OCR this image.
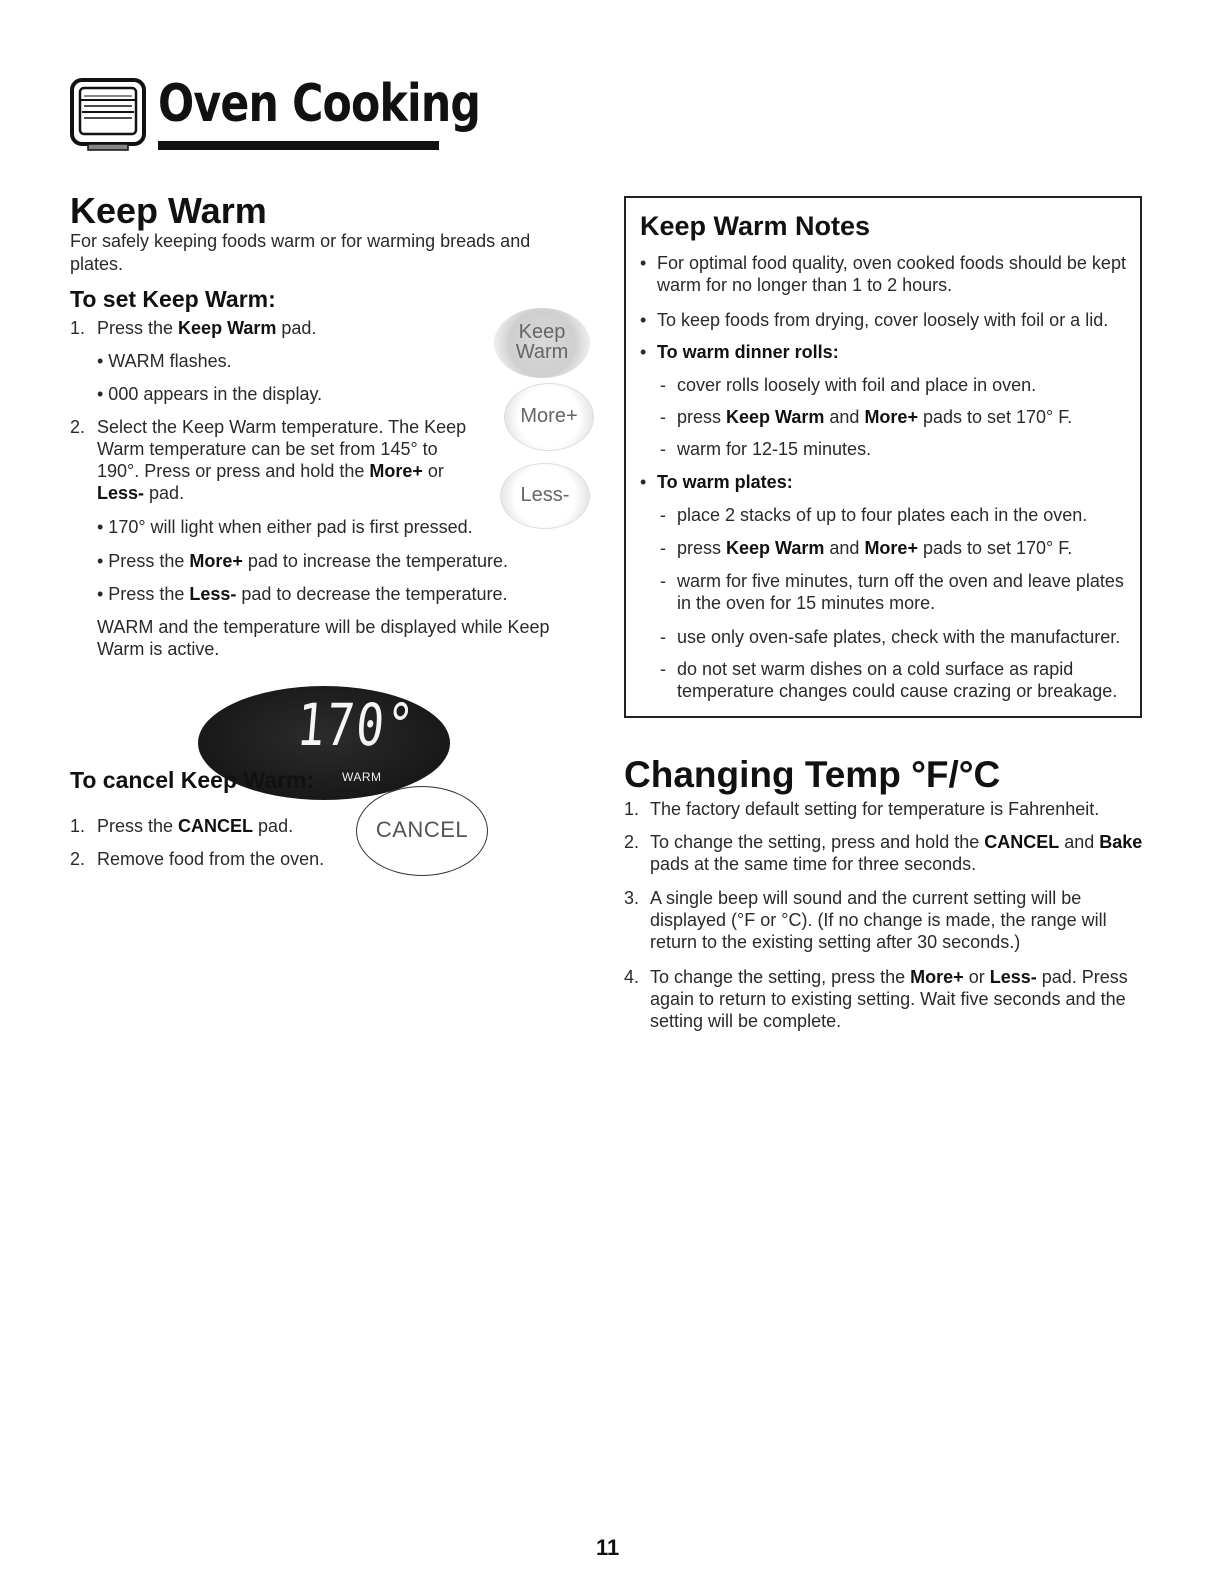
Oven Cooking
Keep Warm
For safely keeping foods warm or for warming breads and
plates.
To set Keep Warm:
1. Press the Keep Warm pad.
• WARM flashes.
• 000 appears in the display.
2. Select the Keep Warm temperature. The Keep
Warm temperature can be set from 145° to
190°. Press or press and hold the More+ or
Less- pad.
• 170° will light when either pad is first pressed.
• Press the More+ pad to increase the temperature.
• Press the Less- pad to decrease the temperature.
WARM and the temperature will be displayed while Keep
Warm is active.
Keep
Warm
More+
Less-
170°
WARM
To cancel Keep Warm:
1. Press the CANCEL pad.
2. Remove food from the oven.
CANCEL
Keep Warm Notes
• For optimal food quality, oven cooked foods should be kept
warm for no longer than 1 to 2 hours.
• To keep foods from drying, cover loosely with foil or a lid.
• To warm dinner rolls:
- cover rolls loosely with foil and place in oven.
- press Keep Warm and More+ pads to set 170° F.
- warm for 12-15 minutes.
• To warm plates:
- place 2 stacks of up to four plates each in the oven.
- press Keep Warm and More+ pads to set 170° F.
- warm for five minutes, turn off the oven and leave plates
in the oven for 15 minutes more.
- use only oven-safe plates, check with the manufacturer.
- do not set warm dishes on a cold surface as rapid
temperature changes could cause crazing or breakage.
Changing Temp °F/°C
1. The factory default setting for temperature is Fahrenheit.
2. To change the setting, press and hold the CANCEL and Bake
pads at the same time for three seconds.
3. A single beep will sound and the current setting will be
displayed (°F or °C). (If no change is made, the range will
return to the existing setting after 30 seconds.)
4. To change the setting, press the More+ or Less- pad. Press
again to return to existing setting. Wait five seconds and the
setting will be complete.
11
